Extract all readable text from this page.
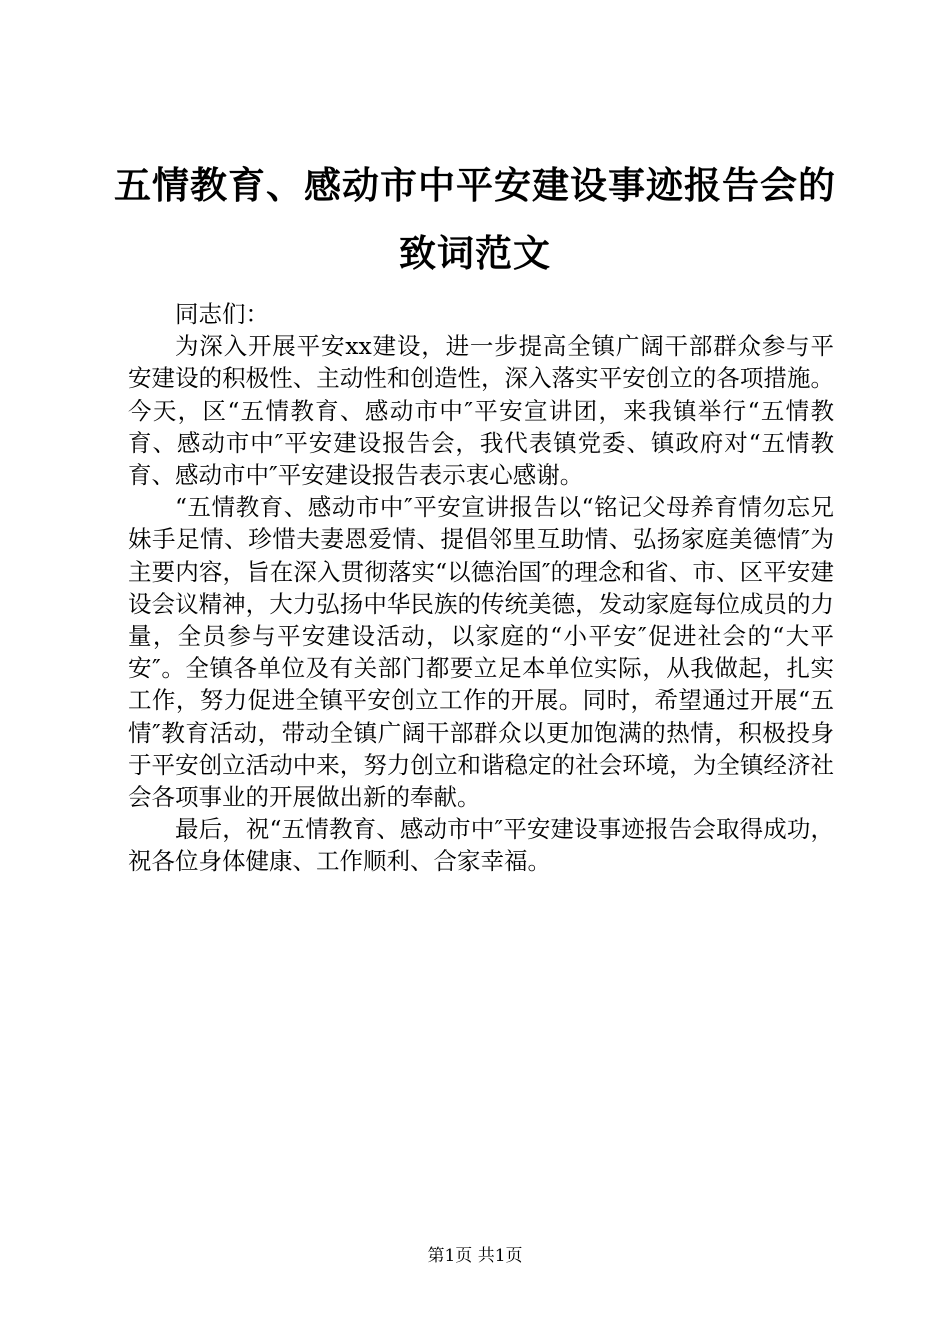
五情教育、感动市中平安建设事迹报告会的致词范文

同志们：

为深入开展平安xx建设，进一步提高全镇广阔干部群众参与平安建设的积极性、主动性和创造性，深入落实平安创立的各项措施。今天，区“五情教育、感动市中″平安宣讲团，来我镇举行“五情教育、感动市中″平安建设报告会，我代表镇党委、镇政府对“五情教育、感动市中″平安建设报告表示衷心感谢。

“五情教育、感动市中″平安宣讲报告以“铭记父母养育情勿忘兄妹手足情、珍惜夫妻恩爱情、提倡邻里互助情、弘扬家庭美德情″为主要内容，旨在深入贯彻落实“以德治国″的理念和省、市、区平安建设会议精神，大力弘扬中华民族的传统美德，发动家庭每位成员的力量，全员参与平安建设活动，以家庭的“小平安″促进社会的“大平安″。全镇各单位及有关部门都要立足本单位实际，从我做起，扎实工作，努力促进全镇平安创立工作的开展。同时，希望通过开展“五情″教育活动，带动全镇广阔干部群众以更加饱满的热情，积极投身于平安创立活动中来，努力创立和谐稳定的社会环境，为全镇经济社会各项事业的开展做出新的奉献。

最后，祝“五情教育、感动市中″平安建设事迹报告会取得成功，祝各位身体健康、工作顺利、合家幸福。

第1页 共1页
